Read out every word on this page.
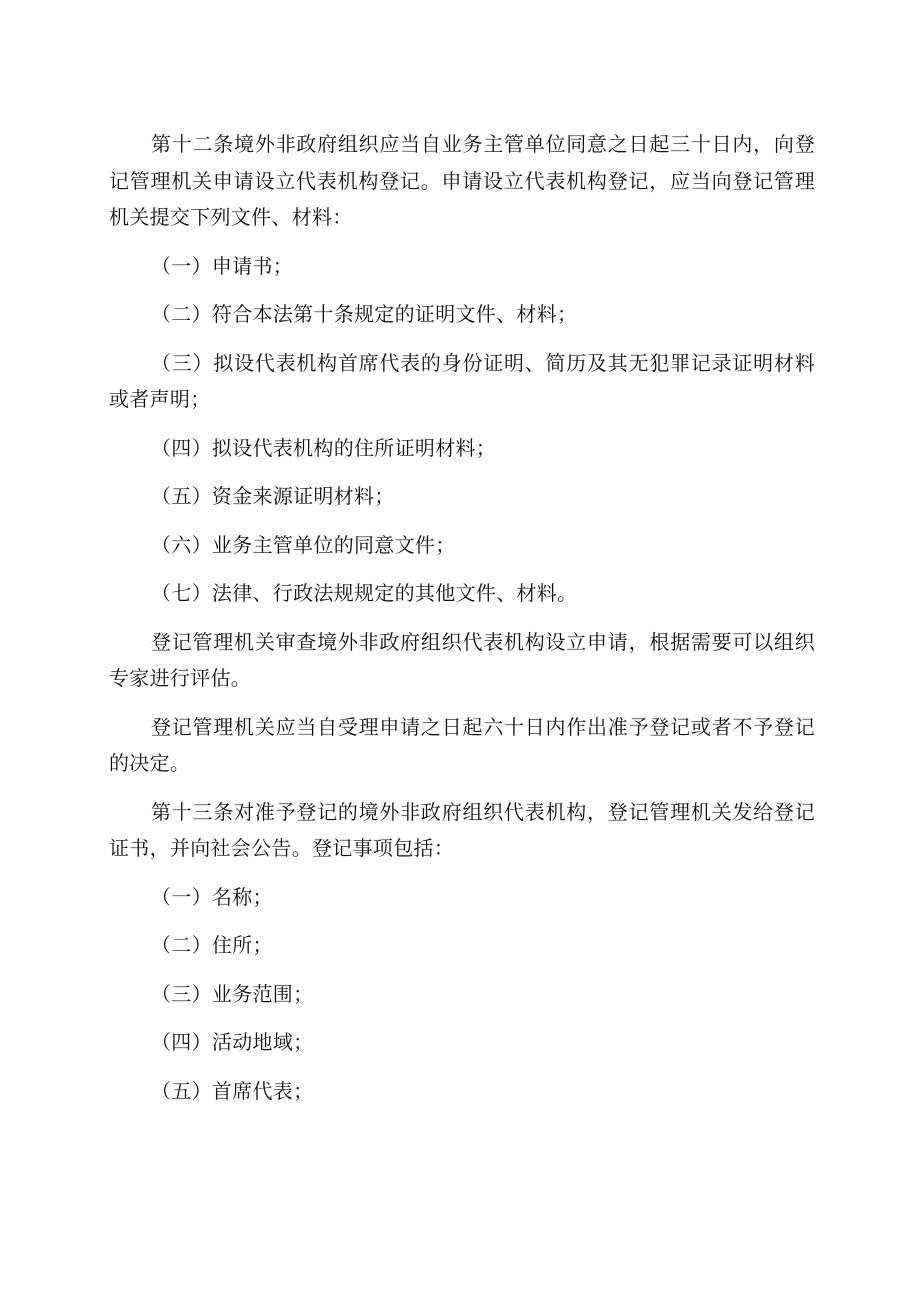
第十二条境外非政府组织应当自业务主管单位同意之日起三十日内，向登记管理机关申请设立代表机构登记。申请设立代表机构登记，应当向登记管理机关提交下列文件、材料：

（一）申请书；

（二）符合本法第十条规定的证明文件、材料；

（三）拟设代表机构首席代表的身份证明、简历及其无犯罪记录证明材料或者声明；

（四）拟设代表机构的住所证明材料；

（五）资金来源证明材料；

（六）业务主管单位的同意文件；

（七）法律、行政法规规定的其他文件、材料。

登记管理机关审查境外非政府组织代表机构设立申请，根据需要可以组织专家进行评估。

登记管理机关应当自受理申请之日起六十日内作出准予登记或者不予登记的决定。

第十三条对准予登记的境外非政府组织代表机构，登记管理机关发给登记证书，并向社会公告。登记事项包括：

（一）名称；

（二）住所；

（三）业务范围；

（四）活动地域；

（五）首席代表；
